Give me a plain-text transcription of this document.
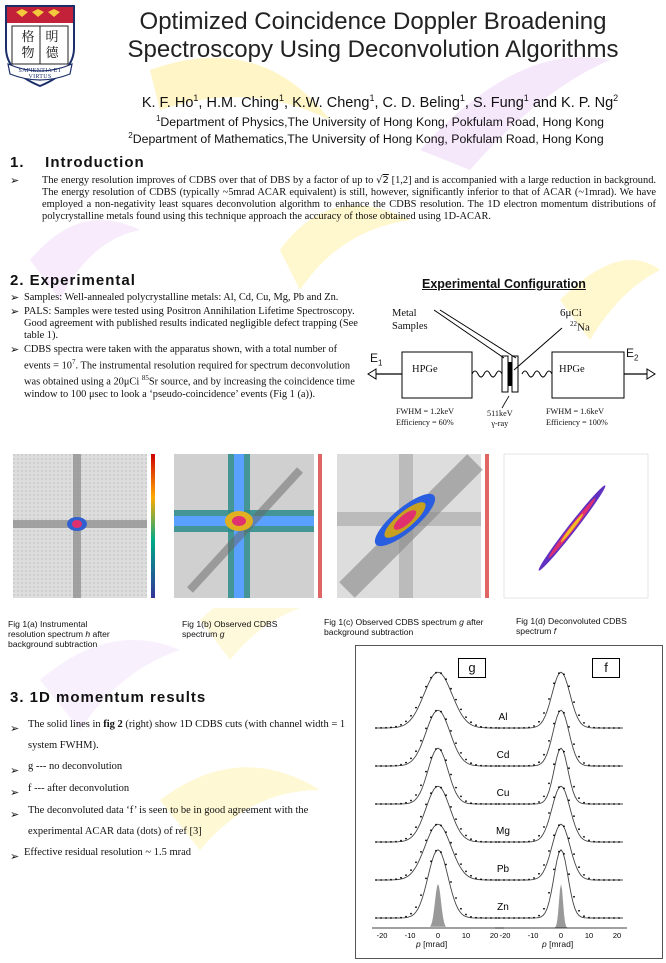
格 明
物 德
SAPIENTIA ET VIRTUS
Optimized Coincidence Doppler Broadening
Spectroscopy Using Deconvolution Algorithms
K. F. Ho$^1$, H.M. Ching$^1$, K.W. Cheng$^1$, C. D. Beling$^1$, S. Fung$^1$ and K. P. Ng$^2$
$^1$Department of Physics,The University of Hong Kong, Pokfulam Road, Hong Kong
$^2$Department of Mathematics,The University of Hong Kong, Pokfulam Road, Hong Kong
1.    Introduction
➢ The energy resolution improves of CDBS over that of DBS by a factor of up to √2 [1,2] and is accompanied with a large reduction in background. The energy resolution of CDBS (typically ~5mrad ACAR equivalent) is still, however, significantly inferior to that of ACAR (~1mrad). We have employed a non-negativity least squares deconvolution algorithm to enhance the CDBS resolution. The 1D electron momentum distributions of polycrystalline metals found using this technique approach the accuracy of those obtained using 1D-ACAR.
2. Experimental
➢ Samples: Well-annealed polycrystalline metals: Al, Cd, Cu, Mg, Pb and Zn.
➢ PALS: Samples were tested using Positron Annihilation Lifetime Spectroscopy. Good agreement with published results indicated negligible defect trapping (See table 1).
➢ CDBS spectra were taken with the apparatus shown, with a total number of events = $10^7$. The instrumental resolution required for spectrum deconvolution was obtained using a 20μCi $^{85}$Sr source, and by increasing the coincidence time window to 100 μsec to look a ‘pseudo-coincidence’ events (Fig 1 (a)).
Experimental Configuration
Metal
Samples
6μCi
$^{22}$Na
$E_1$
$E_2$
HPGe	HPGe
FWHM = 1.2keV
Efficiency = 60%
FWHM = 1.6keV
Efficiency = 100%
511keV
γ-ray
Fig 1(a) Instrumental resolution spectrum h after background subtraction
Fig 1(b) Observed CDBS spectrum g
Fig 1(c) Observed CDBS spectrum g after background subtraction
Fig 1(d) Deconvoluted CDBS spectrum f
3. 1D momentum results
➢ The solid lines in fig 2 (right) show 1D CDBS cuts (with channel width = 1 system FWHM).
➢ g --- no deconvolution
➢ f --- after deconvolution
➢ The deconvoluted data ‘f’ is seen to be in good agreement with the experimental ACAR data (dots) of ref [3]
➢ Effective residual resolution ~ 1.5 mrad
-20 -10	0	10	20 -20 -10	0	10	20
Al
Cd
Cu
Mg
Pb
Zn
g	f
p [mrad]	p [mrad]
